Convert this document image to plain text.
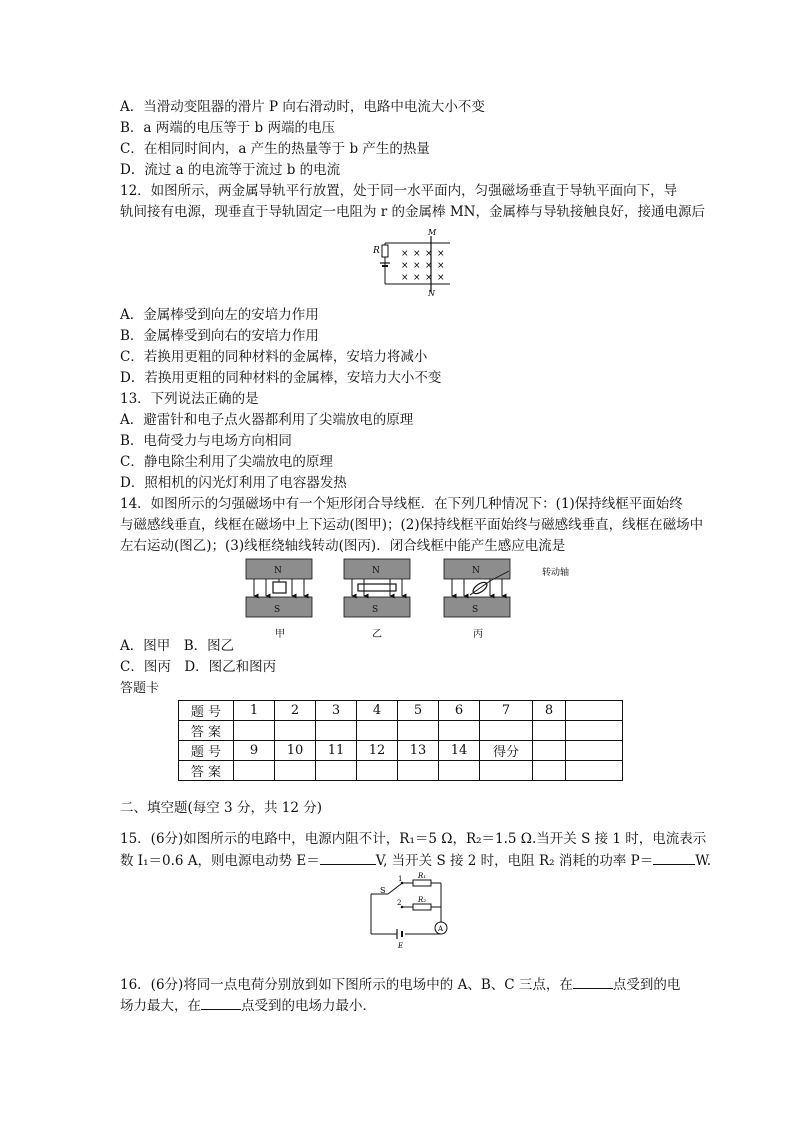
A．当滑动变阻器的滑片 P 向右滑动时，电路中电流大小不变
B．a 两端的电压等于 b 两端的电压
C．在相同时间内，a 产生的热量等于 b 产生的热量
D．流过 a 的电流等于流过 b 的电流
12．如图所示，两金属导轨平行放置，处于同一水平面内，匀强磁场垂直于导轨平面向下，导
轨间接有电源，现垂直于导轨固定一电阻为 r 的金属棒 MN，金属棒与导轨接触良好，接通电源后
R
M
N
× × × ×
× × × ×
× × × ×
A．金属棒受到向左的安培力作用
B．金属棒受到向右的安培力作用
C．若换用更粗的同种材料的金属棒，安培力将减小
D．若换用更粗的同种材料的金属棒，安培力大小不变
13．下列说法正确的是
A．避雷针和电子点火器都利用了尖端放电的原理
B．电荷受力与电场方向相同
C．静电除尘利用了尖端放电的原理
D．照相机的闪光灯利用了电容器发热
14．如图所示的匀强磁场中有一个矩形闭合导线框．在下列几种情况下：(1)保持线框平面始终
与磁感线垂直，线框在磁场中上下运动(图甲)；(2)保持线框平面始终与磁感线垂直，线框在磁场中
左右运动(图乙)；(3)线框绕轴线转动(图丙)．闭合线框中能产生感应电流是
N
S
甲
N
S
乙
N
S
转动轴
丙
A．图甲　B．图乙
C．图丙　D．图乙和图丙
答题卡
题 号	1	2	3	4	5	6	7	8	
答 案									
题 号	9	10	11	12	13	14	得分		
答 案									
二、填空题(每空 3 分，共 12 分)
15．(6分)如图所示的电路中，电源内阻不计，R₁＝5 Ω，R₂＝1.5 Ω.当开关 S 接 1 时，电流表示
数 I₁＝0.6 A，则电源电动势 E＝	V, 当开关 S 接 2 时，电阻 R₂ 消耗的功率 P＝	W.
A
S
1
2
R₁
R₂
E
16．(6分)将同一点电荷分别放到如下图所示的电场中的 A、B、C 三点，在	点受到的电
场力最大，在	点受到的电场力最小．
